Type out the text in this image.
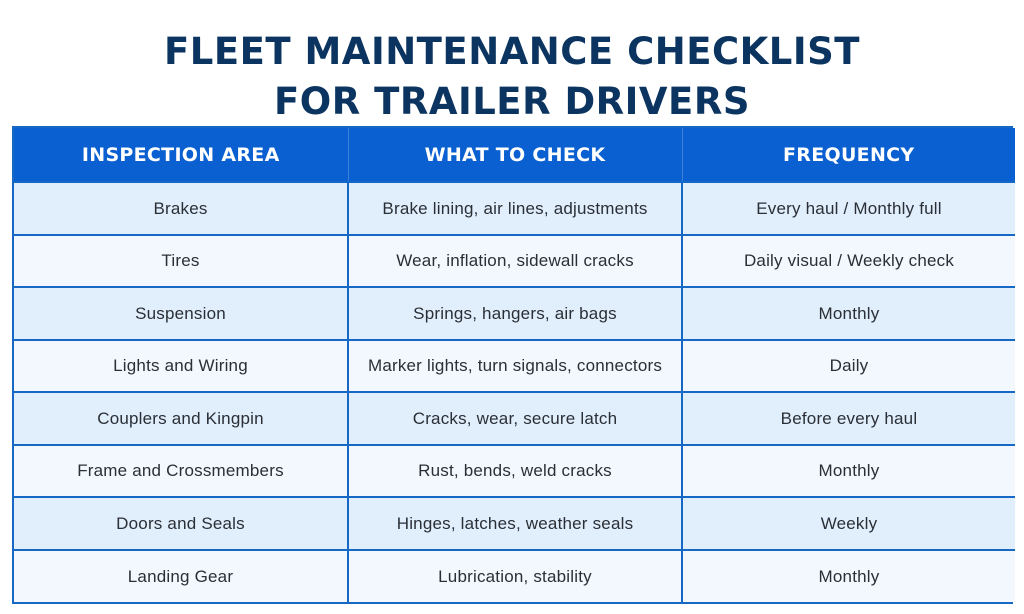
FLEET MAINTENANCE CHECKLIST
FOR TRAILER DRIVERS
INSPECTION AREA	WHAT TO CHECK	FREQUENCY
Brakes	Brake lining, air lines, adjustments	Every haul / Monthly full
Tires	Wear, inflation, sidewall cracks	Daily visual / Weekly check
Suspension	Springs, hangers, air bags	Monthly
Lights and Wiring	Marker lights, turn signals, connectors	Daily
Couplers and Kingpin	Cracks, wear, secure latch	Before every haul
Frame and Crossmembers	Rust, bends, weld cracks	Monthly
Doors and Seals	Hinges, latches, weather seals	Weekly
Landing Gear	Lubrication, stability	Monthly
